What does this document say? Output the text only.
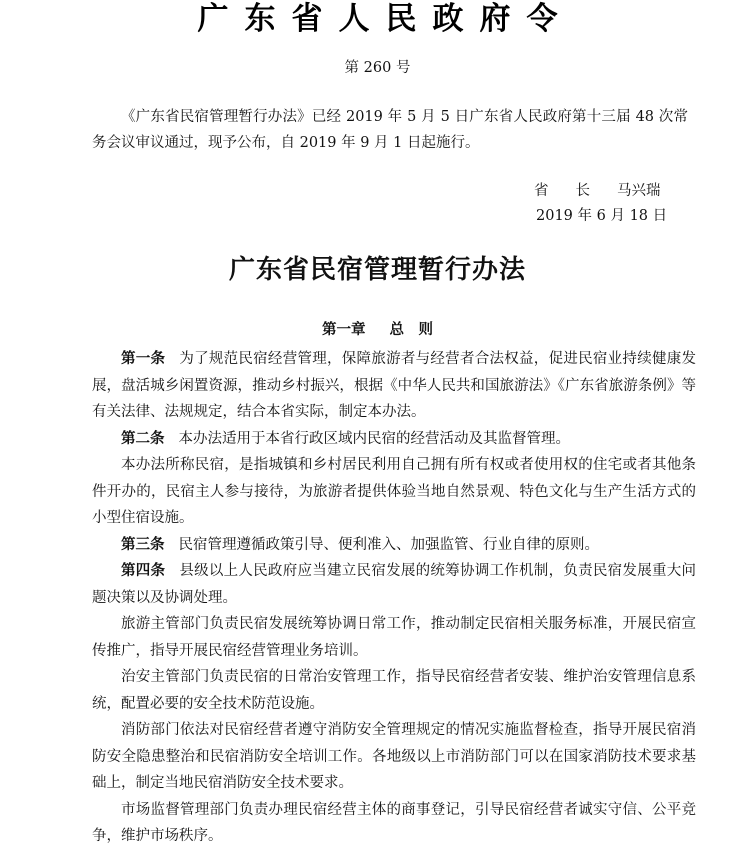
广东省人民政府令
第 260 号

《广东省民宿管理暂行办法》已经 2019 年 5 月 5 日广东省人民政府第十三届 48 次常务会议审议通过，现予公布，自 2019 年 9 月 1 日起施行。

省长马兴瑞
2019 年 6 月 18 日
广东省民宿管理暂行办法
第一章 总　则

第一条 为了规范民宿经营管理，保障旅游者与经营者合法权益，促进民宿业持续健康发展，盘活城乡闲置资源，推动乡村振兴，根据《中华人民共和国旅游法》《广东省旅游条例》等有关法律、法规规定，结合本省实际，制定本办法。

第二条 本办法适用于本省行政区域内民宿的经营活动及其监督管理。

本办法所称民宿，是指城镇和乡村居民利用自己拥有所有权或者使用权的住宅或者其他条件开办的，民宿主人参与接待，为旅游者提供体验当地自然景观、特色文化与生产生活方式的小型住宿设施。

第三条 民宿管理遵循政策引导、便利准入、加强监管、行业自律的原则。

第四条 县级以上人民政府应当建立民宿发展的统筹协调工作机制，负责民宿发展重大问题决策以及协调处理。

旅游主管部门负责民宿发展统筹协调日常工作，推动制定民宿相关服务标准，开展民宿宣传推广，指导开展民宿经营管理业务培训。

治安主管部门负责民宿的日常治安管理工作，指导民宿经营者安装、维护治安管理信息系统，配置必要的安全技术防范设施。

消防部门依法对民宿经营者遵守消防安全管理规定的情况实施监督检查，指导开展民宿消防安全隐患整治和民宿消防安全培训工作。各地级以上市消防部门可以在国家消防技术要求基础上，制定当地民宿消防安全技术要求。

市场监督管理部门负责办理民宿经营主体的商事登记，引导民宿经营者诚实守信、公平竞争，维护市场秩序。
